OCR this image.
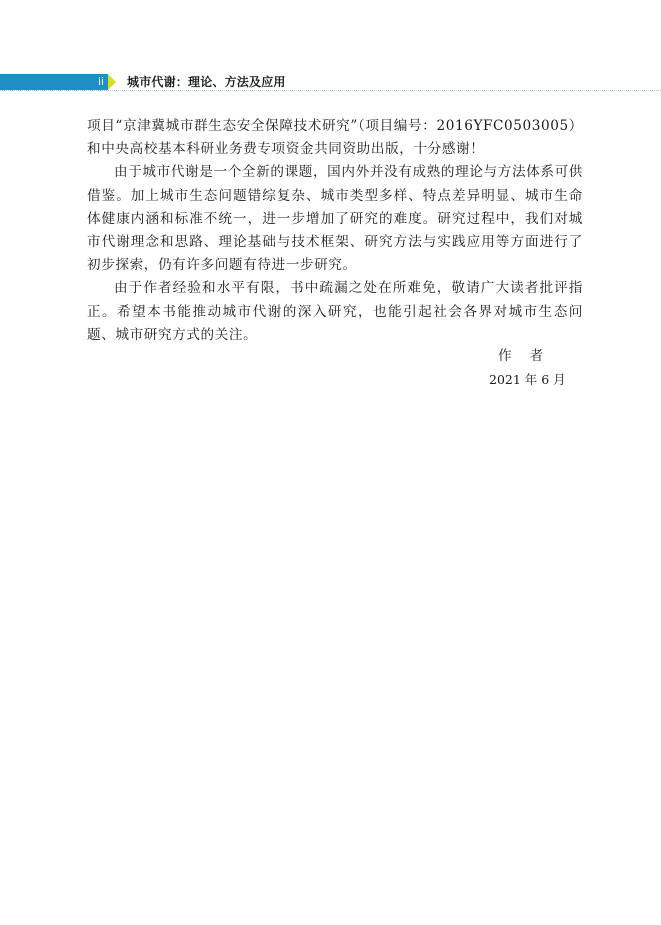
ii	城市代谢：理论、方法及应用

项目“京津冀城市群生态安全保障技术研究”（项目编号：2016YFC0503005）和中央高校基本科研业务费专项资金共同资助出版，十分感谢！

由于城市代谢是一个全新的课题，国内外并没有成熟的理论与方法体系可供借鉴。加上城市生态问题错综复杂、城市类型多样、特点差异明显、城市生命体健康内涵和标准不统一，进一步增加了研究的难度。研究过程中，我们对城市代谢理念和思路、理论基础与技术框架、研究方法与实践应用等方面进行了初步探索，仍有许多问题有待进一步研究。

由于作者经验和水平有限，书中疏漏之处在所难免，敬请广大读者批评指正。希望本书能推动城市代谢的深入研究，也能引起社会各界对城市生态问题、城市研究方式的关注。

作者
2021 年 6 月
